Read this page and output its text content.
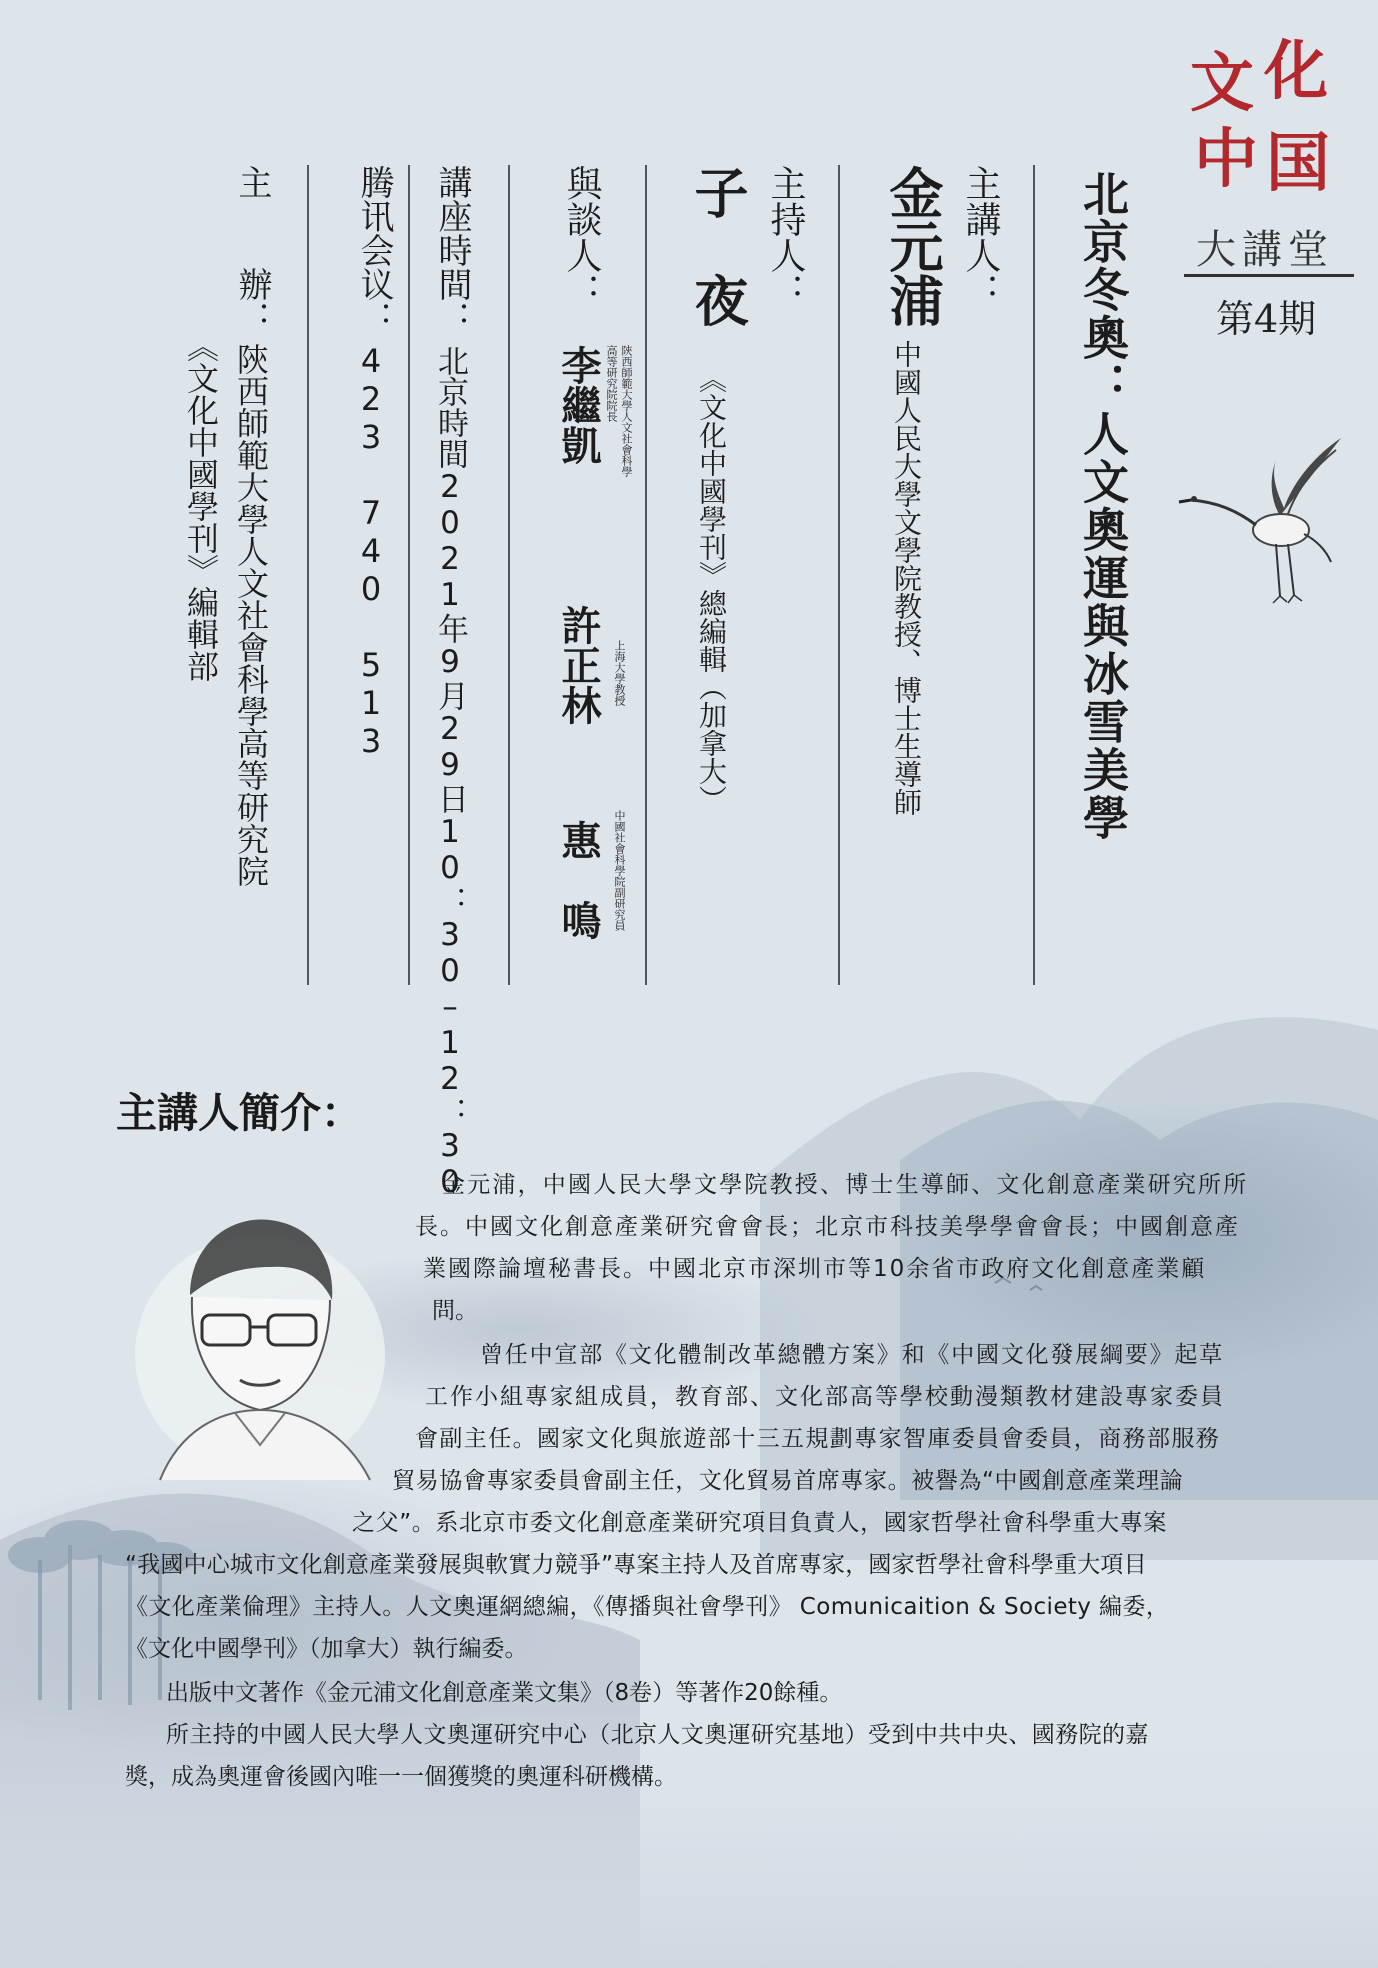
文 化
中 国
大講堂
第4期
北京冬奧：人文奧運與冰雪美學
主講人：
金元浦
中國人民大學文學院教授、博士生導師
主持人：
子　夜
《文化中國學刊》總編輯（加拿大）
與談人：
李繼凱	陝西師範大學人文社會科學高等研究院院長
許正林	上海大學教授
惠　鳴	中國社會科學院副研究員
講座時間：
北京時間2021年9月29日10：30–12：30
腾讯会议：
423 740 513
主　　辦：
陝西師範大學人文社會科學高等研究院
《文化中國學刊》編輯部
主講人簡介：
金元浦，中國人民大學文學院教授、博士生導師、文化創意產業研究所所
長。中國文化創意產業研究會會長；北京市科技美學學會會長；中國創意產
業國際論壇秘書長。中國北京市深圳市等10余省市政府文化創意產業顧
問。
曾任中宣部《文化體制改革總體方案》和《中國文化發展綱要》起草
工作小組專家組成員，教育部、文化部高等學校動漫類教材建設專家委員
會副主任。國家文化與旅遊部十三五規劃專家智庫委員會委員，商務部服務
貿易協會專家委員會副主任，文化貿易首席專家。被譽為“中國創意產業理論
之父”。系北京市委文化創意產業研究項目負責人，國家哲學社會科學重大專案
“我國中心城市文化創意產業發展與軟實力競爭”專案主持人及首席專家，國家哲學社會科學重大項目
《文化產業倫理》主持人。人文奧運網總編，《傳播與社會學刊》 Comunicaition & Society 編委，
《文化中國學刊》（加拿大）執行編委。
出版中文著作《金元浦文化創意產業文集》（8卷）等著作20餘種。
所主持的中國人民大學人文奧運研究中心（北京人文奧運研究基地）受到中共中央、國務院的嘉
獎，成為奧運會後國內唯一一個獲獎的奧運科研機構。
